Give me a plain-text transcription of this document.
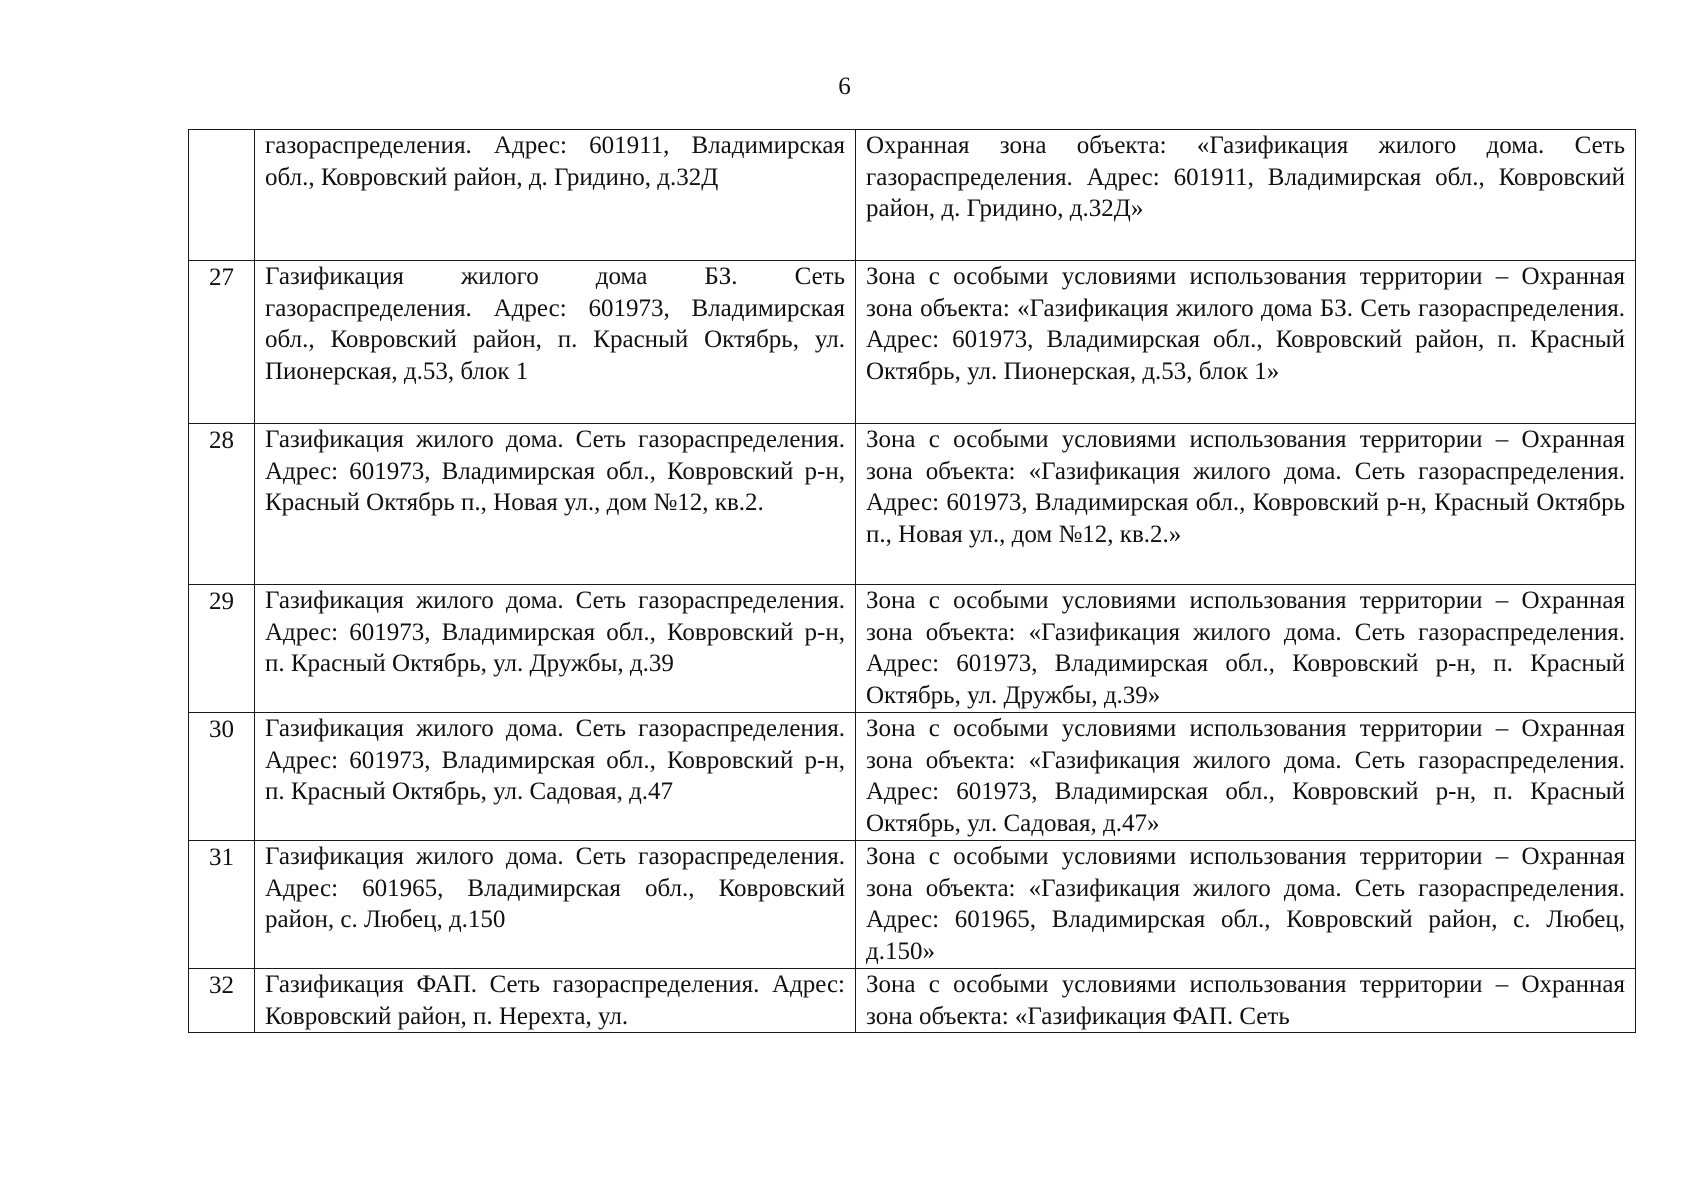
6
	газораспределения. Адрес: 601911, Владимирская обл., Ковровский район, д. Гридино, д.32Д	Охранная зона объекта: «Газификация жилого дома. Сеть газораспределения. Адрес: 601911, Владимирская обл., Ковровский район, д. Гридино, д.32Д»
27	Газификация жилого дома БЗ. Сеть газораспределения. Адрес: 601973, Владимирская обл., Ковровский район, п. Красный Октябрь, ул. Пионерская, д.53, блок 1	Зона с особыми условиями использования территории – Охранная зона объекта: «Газификация жилого дома БЗ. Сеть газораспределения. Адрес: 601973, Владимирская обл., Ковровский район, п. Красный Октябрь, ул. Пионерская, д.53, блок 1»
28	Газификация жилого дома. Сеть газораспределения. Адрес: 601973, Владимирская обл., Ковровский р-н, Красный Октябрь п., Новая ул., дом №12, кв.2.	Зона с особыми условиями использования территории – Охранная зона объекта: «Газификация жилого дома. Сеть газораспределения. Адрес: 601973, Владимирская обл., Ковровский р-н, Красный Октябрь п., Новая ул., дом №12, кв.2.»
29	Газификация жилого дома. Сеть газораспределения. Адрес: 601973, Владимирская обл., Ковровский р-н, п. Красный Октябрь, ул. Дружбы, д.39	Зона с особыми условиями использования территории – Охранная зона объекта: «Газификация жилого дома. Сеть газораспределения. Адрес: 601973, Владимирская обл., Ковровский р-н, п. Красный Октябрь, ул. Дружбы, д.39»
30	Газификация жилого дома. Сеть газораспределения. Адрес: 601973, Владимирская обл., Ковровский р-н, п. Красный Октябрь, ул. Садовая, д.47	Зона с особыми условиями использования территории – Охранная зона объекта: «Газификация жилого дома. Сеть газораспределения. Адрес: 601973, Владимирская обл., Ковровский р-н, п. Красный Октябрь, ул. Садовая, д.47»
31	Газификация жилого дома. Сеть газораспределения. Адрес: 601965, Владимирская обл., Ковровский район, с. Любец, д.150	Зона с особыми условиями использования территории – Охранная зона объекта: «Газификация жилого дома. Сеть газораспределения. Адрес: 601965, Владимирская обл., Ковровский район, с. Любец, д.150»
32	Газификация ФАП. Сеть газораспределения. Адрес: Ковровский район, п. Нерехта, ул.	Зона с особыми условиями использования территории – Охранная зона объекта: «Газификация ФАП. Сеть
